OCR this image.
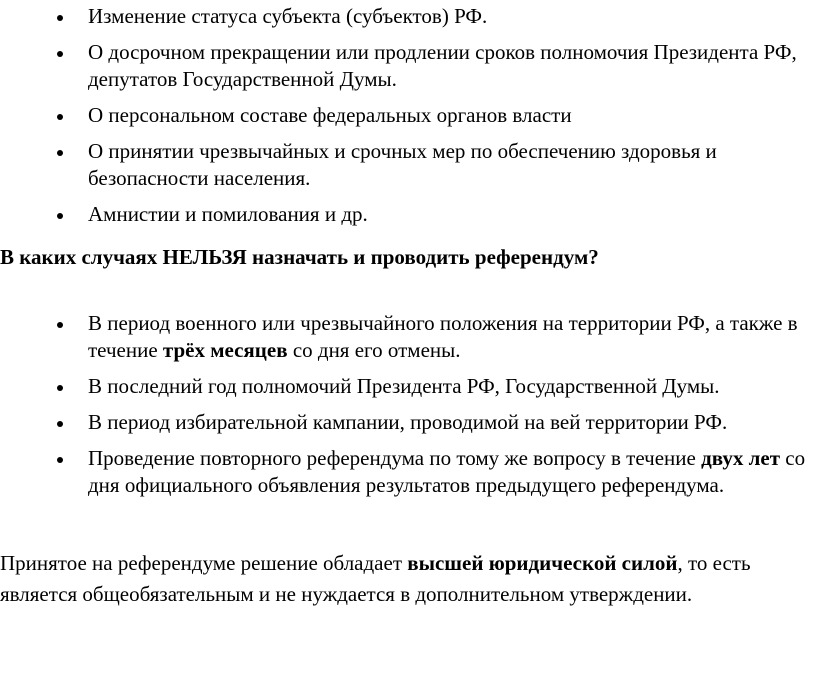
Изменение статуса субъекта (субъектов) РФ.
О досрочном прекращении или продлении сроков полномочия Президента РФ, депутатов Государственной Думы.
О персональном составе федеральных органов власти
О принятии чрезвычайных и срочных мер по обеспечению здоровья и безопасности населения.
Амнистии и помилования и др.
В каких случаях НЕЛЬЗЯ назначать и проводить референдум?
В период военного или чрезвычайного положения на территории РФ, а также в течение трёх месяцев со дня его отмены.
В последний год полномочий Президента РФ, Государственной Думы.
В период избирательной кампании, проводимой на вей территории РФ.
Проведение повторного референдума по тому же вопросу в течение двух лет со дня официального объявления результатов предыдущего референдума.

Принятое на референдуме решение обладает высшей юридической силой, то есть является общеобязательным и не нуждается в дополнительном утверждении.
